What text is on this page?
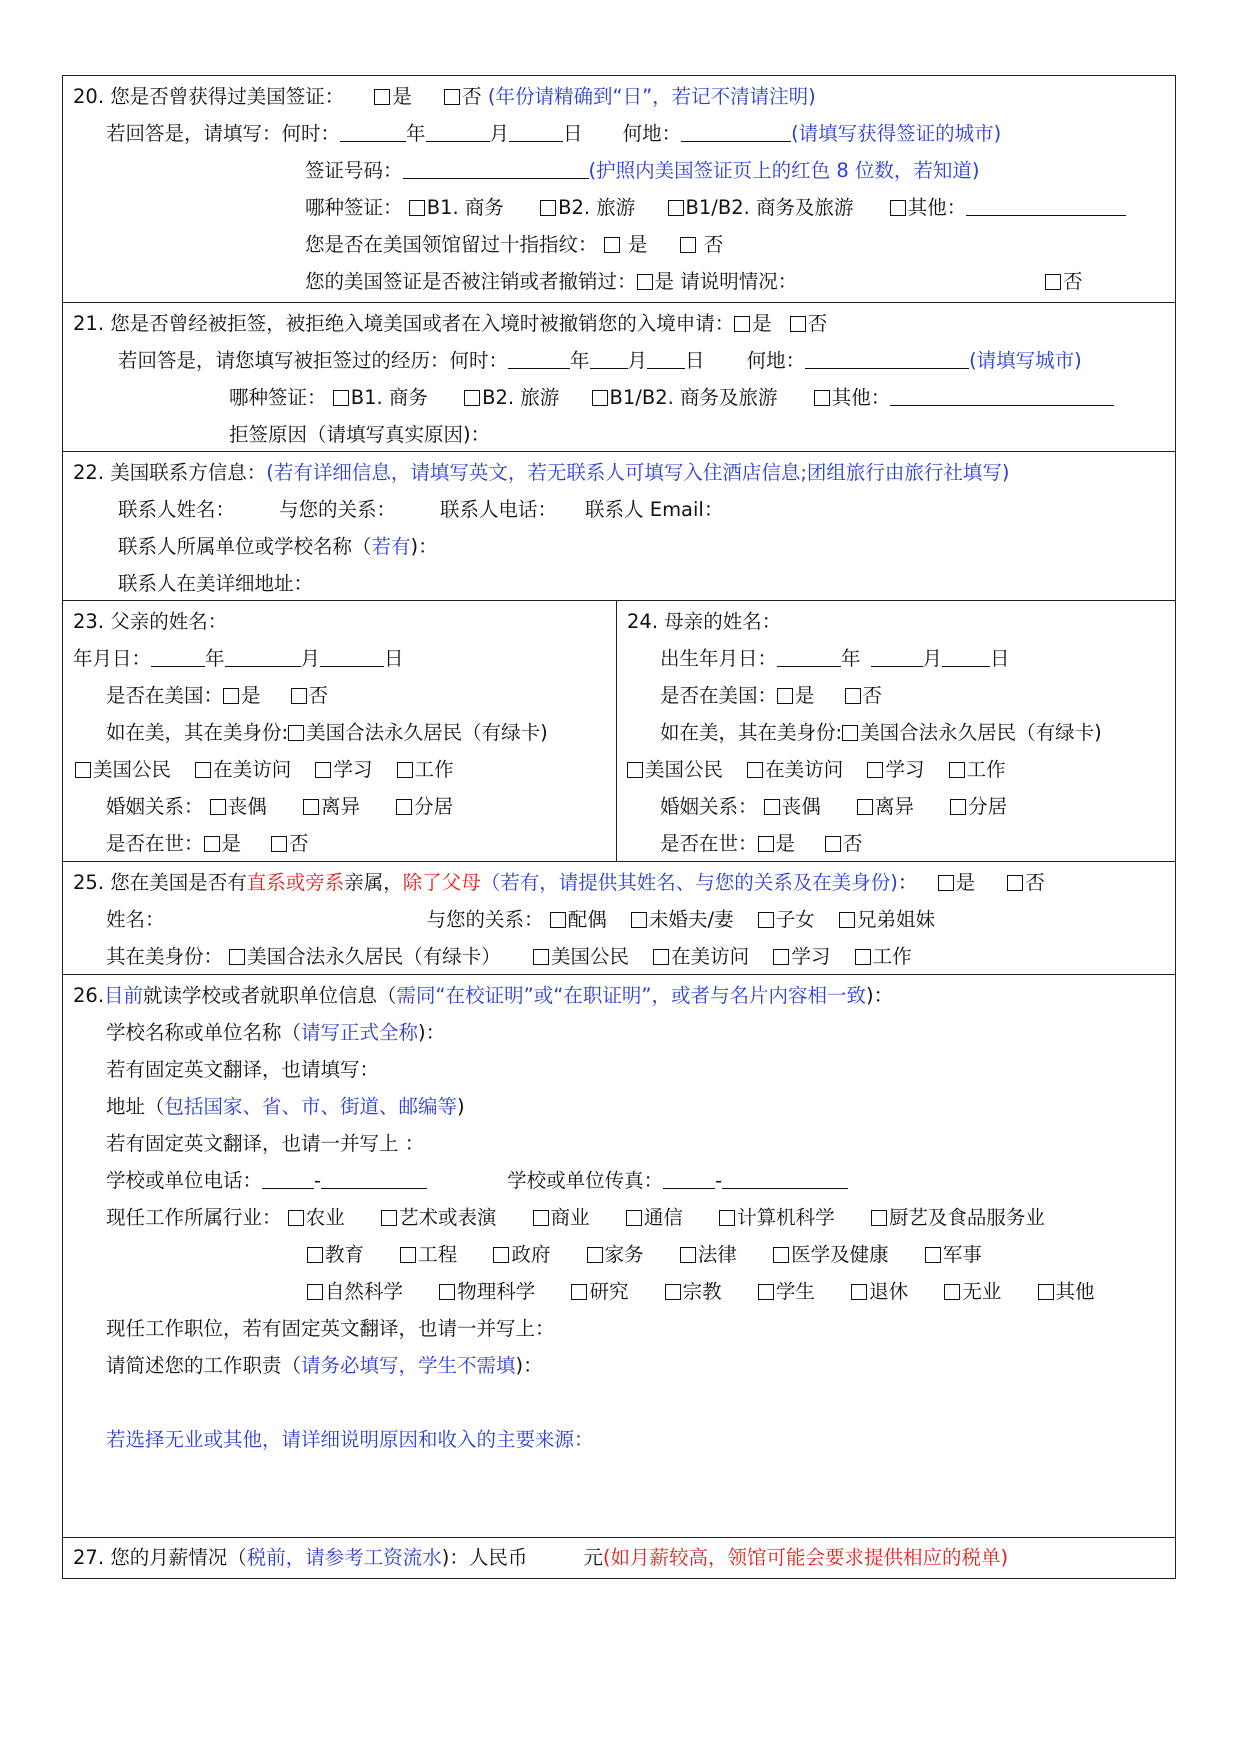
20. 您是否曾获得过美国签证： 是	否 (年份请精确到“日”，若记不清请注明)
若回答是，请填写：何时：	年	月	日 何地：	(请填写获得签证的城市)
签证号码：	(护照内美国签证页上的红色 8 位数，若知道)
哪种签证： B1. 商务	B2. 旅游	B1/B2. 商务及旅游	其他：
您是否在美国领馆留过十指指纹：  是	否
您的美国签证是否被注销或者撤销过： 是 请说明情况：	否
21. 您是否曾经被拒签，被拒绝入境美国或者在入境时被撤销您的入境申请： 是 否
若回答是，请您填写被拒签过的经历：何时：	年 月 日 何地：	(请填写城市)
哪种签证： B1. 商务	B2. 旅游	B1/B2. 商务及旅游	其他：
拒签原因（请填写真实原因)：
22. 美国联系方信息：(若有详细信息，请填写英文，若无联系人可填写入住酒店信息;团组旅行由旅行社填写)
联系人姓名： 与您的关系： 联系人电话： 联系人 Email：
联系人所属单位或学校名称（若有)：
联系人在美详细地址：
23. 父亲的姓名：
年月日：	年	月	日
是否在美国： 是 否
如在美，其在美身份: 美国合法永久居民（有绿卡)
美国公民 在美访问 学习 工作
婚姻关系： 丧偶	离异	分居
是否在世： 是 否
24. 母亲的姓名：
出生年月日：	年	月 日
是否在美国： 是 否
如在美，其在美身份: 美国合法永久居民（有绿卡)
美国公民 在美访问 学习 工作
婚姻关系： 丧偶	离异	分居
是否在世： 是 否
25. 您在美国是否有直系或旁系亲属，除了父母（若有，请提供其姓名、与您的关系及在美身份)： 是	否
姓名：	与您的关系： 配偶 未婚夫/妻 子女 兄弟姐妹
其在美身份： 美国合法永久居民（有绿卡）	美国公民 在美访问 学习 工作
26.目前就读学校或者就职单位信息（需同“在校证明”或“在职证明”，或者与名片内容相一致)：
学校名称或单位名称（请写正式全称)：
若有固定英文翻译，也请填写：
地址（包括国家、省、市、街道、邮编等)
若有固定英文翻译，也请一并写上 ：
学校或单位电话：	-	学校或单位传真：	-
现任工作所属行业： 农业	艺术或表演	商业	通信	计算机科学	厨艺及食品服务业
教育	工程	政府	家务	法律	医学及健康	军事
自然科学	物理科学	研究	宗教	学生	退休	无业	其他
现任工作职位，若有固定英文翻译，也请一并写上：
请简述您的工作职责（请务必填写，学生不需填)：
若选择无业或其他，请详细说明原因和收入的主要来源：
27. 您的月薪情况（税前，请参考工资流水)：人民币	元(如月薪较高，领馆可能会要求提供相应的税单)
